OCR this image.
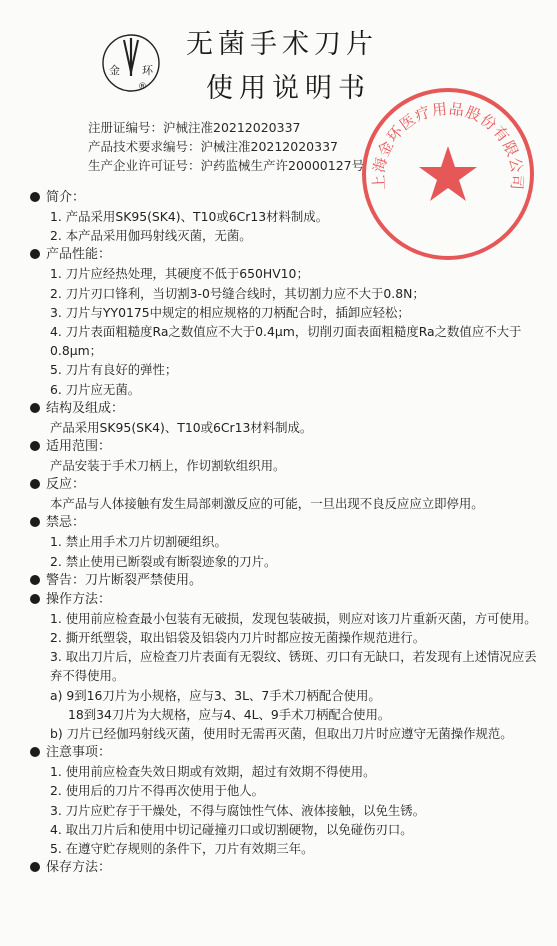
金 环
®
无菌手术刀片
使用说明书
注册证编号：沪械注准20212020337
产品技术要求编号：沪械注准20212020337
生产企业许可证号：沪药监械生产许20000127号
上海金环医疗用品股份有限公司
简介：
1. 产品采用SK95(SK4)、T10或6Cr13材料制成。
2. 本产品采用伽玛射线灭菌，无菌。
产品性能：
1. 刀片应经热处理，其硬度不低于650HV10；
2. 刀片刃口锋利，当切割3-0号缝合线时，其切割力应不大于0.8N；
3. 刀片与YY0175中规定的相应规格的刀柄配合时，插卸应轻松；
4. 刀片表面粗糙度Ra之数值应不大于0.4μm，切削刃面表面粗糙度Ra之数值应不大于0.8μm；
5. 刀片有良好的弹性；
6. 刀片应无菌。
结构及组成：
产品采用SK95(SK4)、T10或6Cr13材料制成。
适用范围：
产品安装于手术刀柄上，作切割软组织用。
反应：
本产品与人体接触有发生局部刺激反应的可能，一旦出现不良反应应立即停用。
禁忌：
1. 禁止用手术刀片切割硬组织。
2. 禁止使用已断裂或有断裂迹象的刀片。
警告：刀片断裂严禁使用。
操作方法：
1. 使用前应检查最小包装有无破损，发现包装破损，则应对该刀片重新灭菌，方可使用。
2. 撕开纸塑袋，取出铝袋及铝袋内刀片时都应按无菌操作规范进行。
3. 取出刀片后，应检查刀片表面有无裂纹、锈斑、刃口有无缺口，若发现有上述情况应丢弃不得使用。
a) 9到16刀片为小规格，应与3、3L、7手术刀柄配合使用。
18到34刀片为大规格，应与4、4L、9手术刀柄配合使用。
b) 刀片已经伽玛射线灭菌，使用时无需再灭菌，但取出刀片时应遵守无菌操作规范。
注意事项：
1. 使用前应检查失效日期或有效期，超过有效期不得使用。
2. 使用后的刀片不得再次使用于他人。
3. 刀片应贮存于干燥处，不得与腐蚀性气体、液体接触，以免生锈。
4. 取出刀片后和使用中切记碰撞刃口或切割硬物，以免碰伤刃口。
5. 在遵守贮存规则的条件下，刀片有效期三年。
保存方法：
